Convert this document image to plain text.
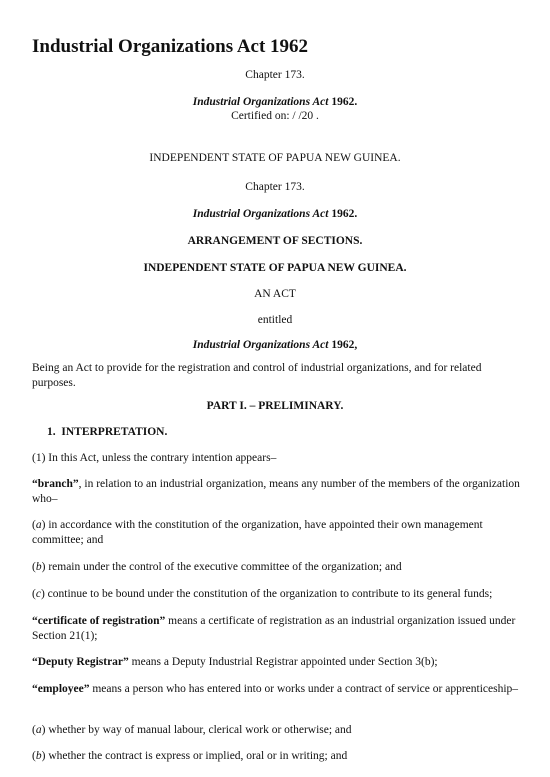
Industrial Organizations Act 1962
Chapter 173.
Industrial Organizations Act 1962.
Certified on: / /20 .
INDEPENDENT STATE OF PAPUA NEW GUINEA.
Chapter 173.
Industrial Organizations Act 1962.
ARRANGEMENT OF SECTIONS.
INDEPENDENT STATE OF PAPUA NEW GUINEA.
AN ACT
entitled
Industrial Organizations Act 1962,
Being an Act to provide for the registration and control of industrial organizations, and for related purposes.
PART I. – PRELIMINARY.
1. INTERPRETATION.
(1) In this Act, unless the contrary intention appears–
“branch”, in relation to an industrial organization, means any number of the members of the organization who–
(a) in accordance with the constitution of the organization, have appointed their own management committee; and
(b) remain under the control of the executive committee of the organization; and
(c) continue to be bound under the constitution of the organization to contribute to its general funds;
“certificate of registration” means a certificate of registration as an industrial organization issued under Section 21(1);
“Deputy Registrar” means a Deputy Industrial Registrar appointed under Section 3(b);
“employee” means a person who has entered into or works under a contract of service or apprenticeship–
(a) whether by way of manual labour, clerical work or otherwise; and
(b) whether the contract is express or implied, oral or in writing; and
